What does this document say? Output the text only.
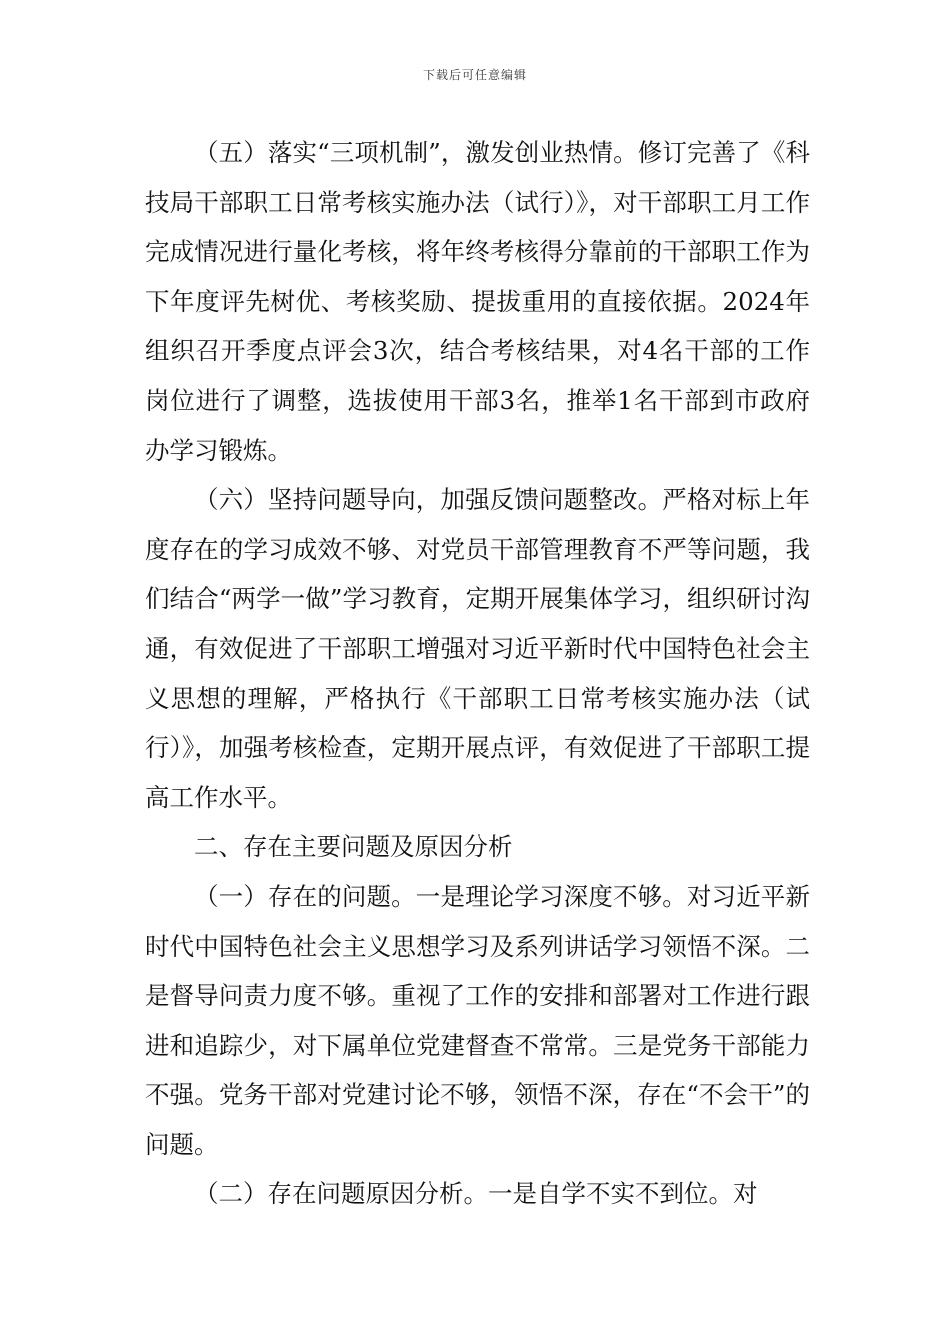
下载后可任意编辑

（五）落实“三项机制”，激发创业热情。修订完善了《科技局干部职工日常考核实施办法（试行）》，对干部职工月工作完成情况进行量化考核，将年终考核得分靠前的干部职工作为下年度评先树优、考核奖励、提拔重用的直接依据。2024年组织召开季度点评会3次，结合考核结果，对4名干部的工作岗位进行了调整，选拔使用干部3名，推举1名干部到市政府办学习锻炼。

（六）坚持问题导向，加强反馈问题整改。严格对标上年度存在的学习成效不够、对党员干部管理教育不严等问题，我们结合“两学一做”学习教育，定期开展集体学习，组织研讨沟通，有效促进了干部职工增强对习近平新时代中国特色社会主义思想的理解，严格执行《干部职工日常考核实施办法（试行）》，加强考核检查，定期开展点评，有效促进了干部职工提高工作水平。

二、存在主要问题及原因分析

（一）存在的问题。一是理论学习深度不够。对习近平新时代中国特色社会主义思想学习及系列讲话学习领悟不深。二是督导问责力度不够。重视了工作的安排和部署对工作进行跟进和追踪少，对下属单位党建督查不常常。三是党务干部能力不强。党务干部对党建讨论不够，领悟不深，存在“不会干”的问题。

（二）存在问题原因分析。一是自学不实不到位。对
